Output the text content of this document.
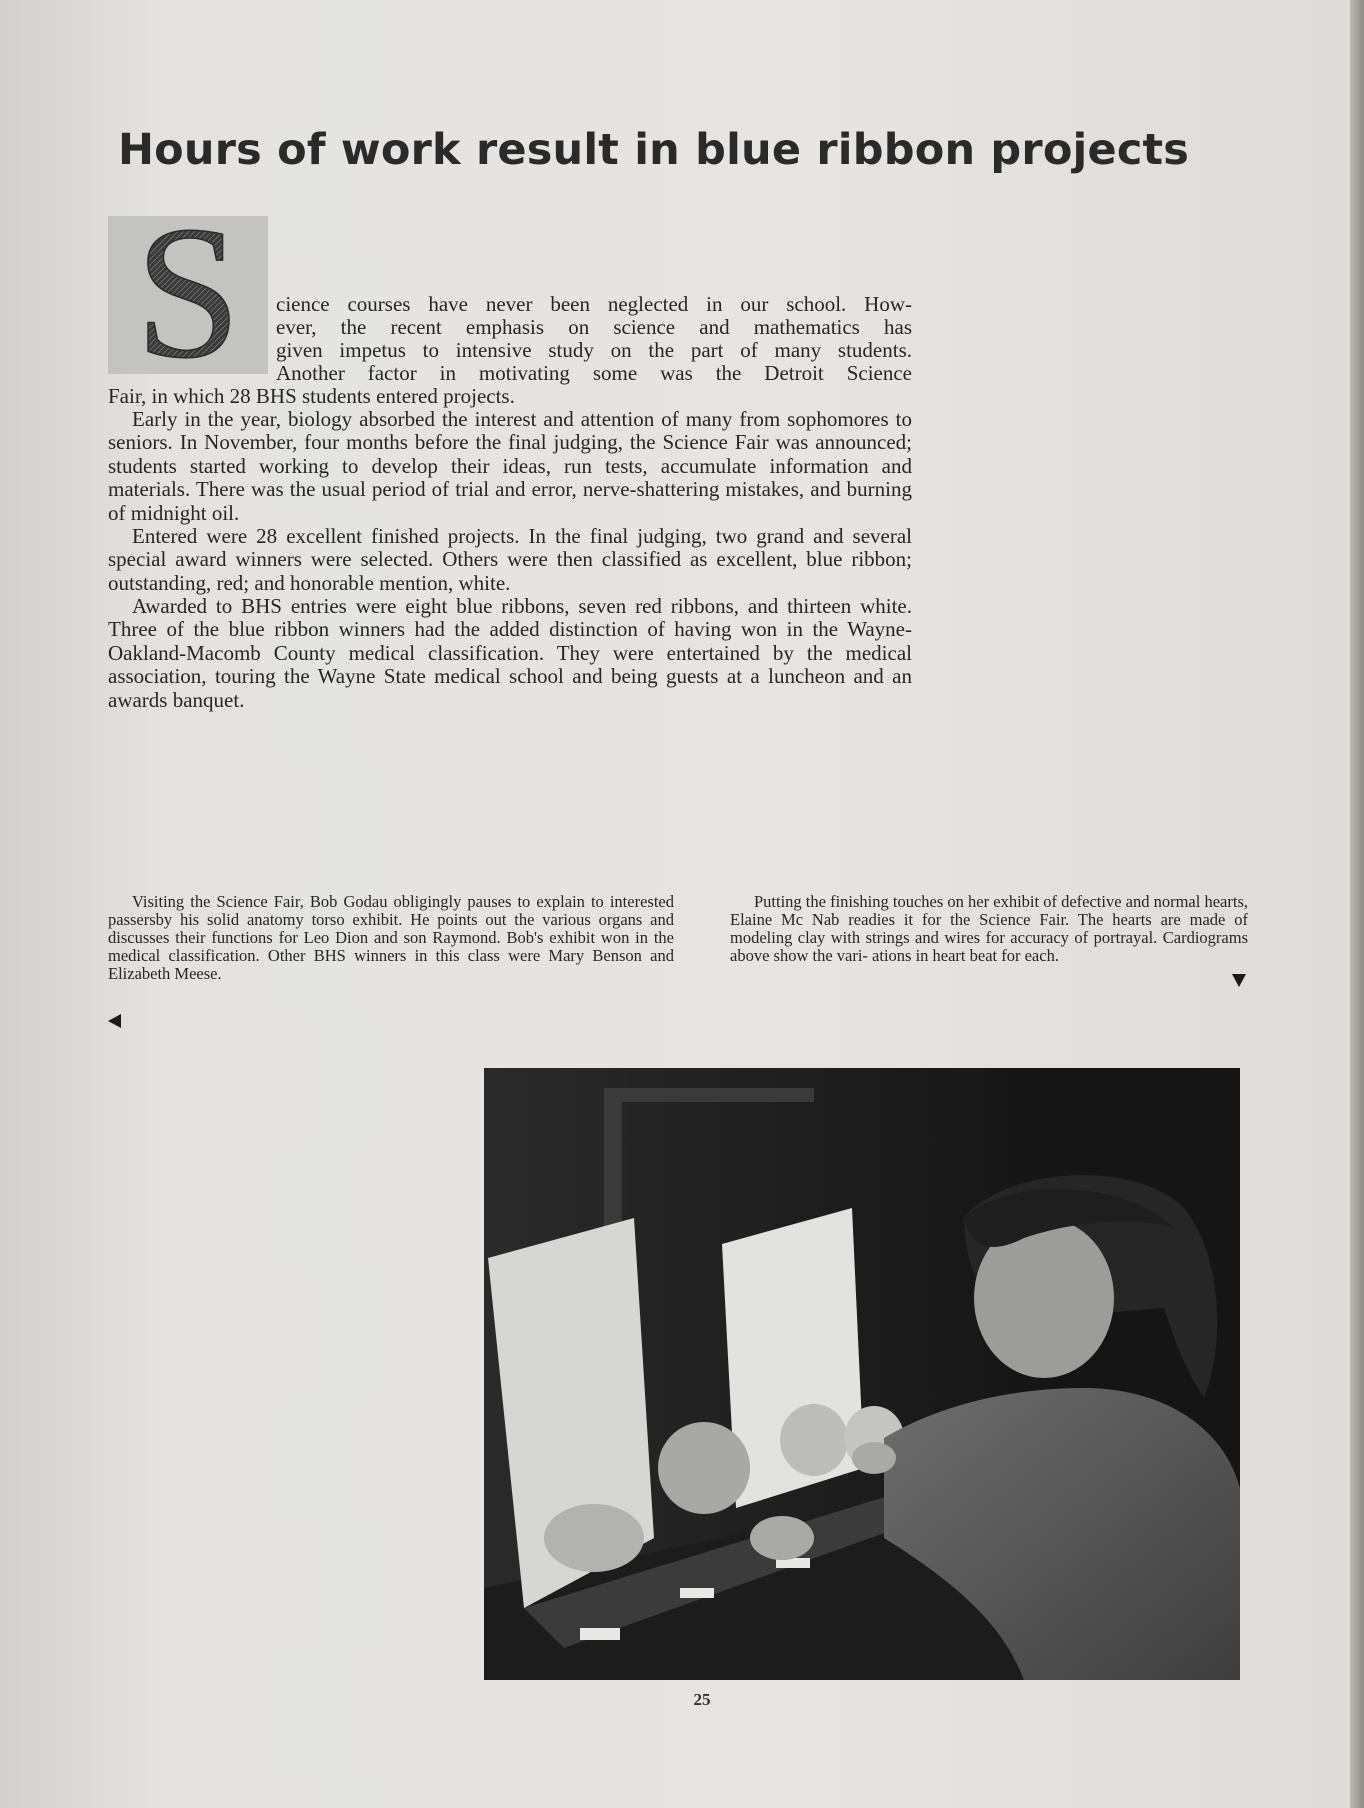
Hours of work result in blue ribbon projects
S cience courses have never been neglected in our school. How-

ever, the recent emphasis on science and mathematics has

given impetus to intensive study on the part of many students.

Another factor in motivating some was the Detroit Science

Fair, in which 28 BHS students entered projects.

Early in the year, biology absorbed the interest and attention of many from sophomores to seniors. In November, four months before the final judging, the Science Fair was announced; students started working to develop their ideas, run tests, accumulate information and materials. There was the usual period of trial and error, nerve-shattering mistakes, and burning of midnight oil.

Entered were 28 excellent finished projects. In the final judging, two grand and several special award winners were selected. Others were then classified as excellent, blue ribbon; outstanding, red; and honorable mention, white.

Awarded to BHS entries were eight blue ribbons, seven red ribbons, and thirteen white. Three of the blue ribbon winners had the added distinction of having won in the Wayne-Oakland-Macomb County medical classification. They were entertained by the medical association, touring the Wayne State medical school and being guests at a luncheon and an awards banquet.

Visiting the Science Fair, Bob Godau obligingly pauses to explain to interested passersby his solid anatomy torso exhibit. He points out the various organs and discusses their functions for Leo Dion and son Raymond. Bob's exhibit won in the medical classification. Other BHS winners in this class were Mary Benson and Elizabeth Meese.

Putting the finishing touches on her exhibit of defective and normal hearts, Elaine Mc Nab readies it for the Science Fair. The hearts are made of modeling clay with strings and wires for accuracy of portrayal. Cardiograms above show the vari- ations in heart beat for each.

25
